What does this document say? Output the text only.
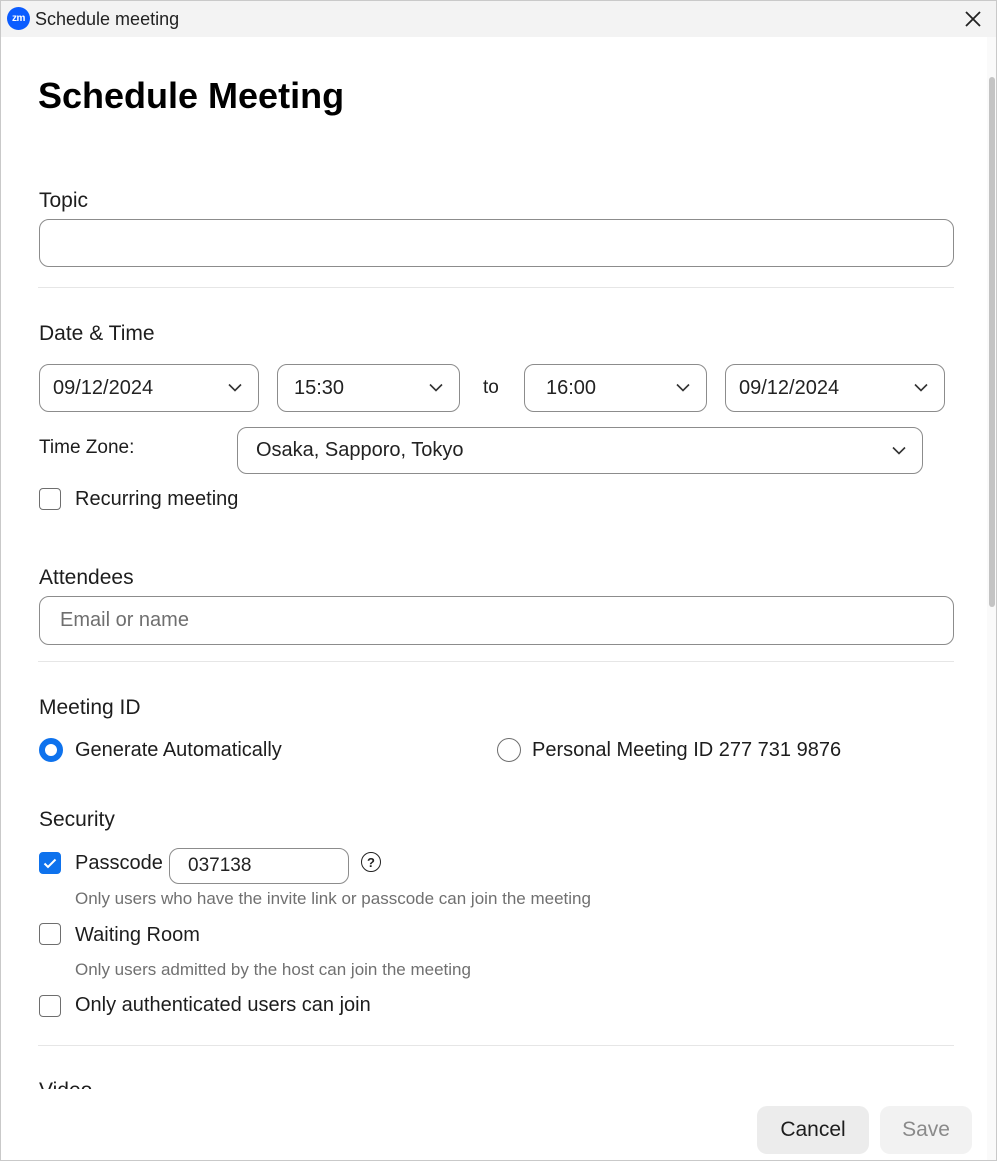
zm Schedule meeting
Schedule Meeting
Topic
Date & Time
09/12/2024	15:30	to 16:00	09/12/2024
Time Zone:	Osaka, Sapporo, Tokyo
Recurring meeting
Attendees
Email or name
Meeting ID
Generate Automatically	Personal Meeting ID 277 731 9876
Security
Passcode
037138	?
Only users who have the invite link or passcode can join the meeting
Waiting Room
Only users admitted by the host can join the meeting
Only authenticated users can join
Cancel	Save
